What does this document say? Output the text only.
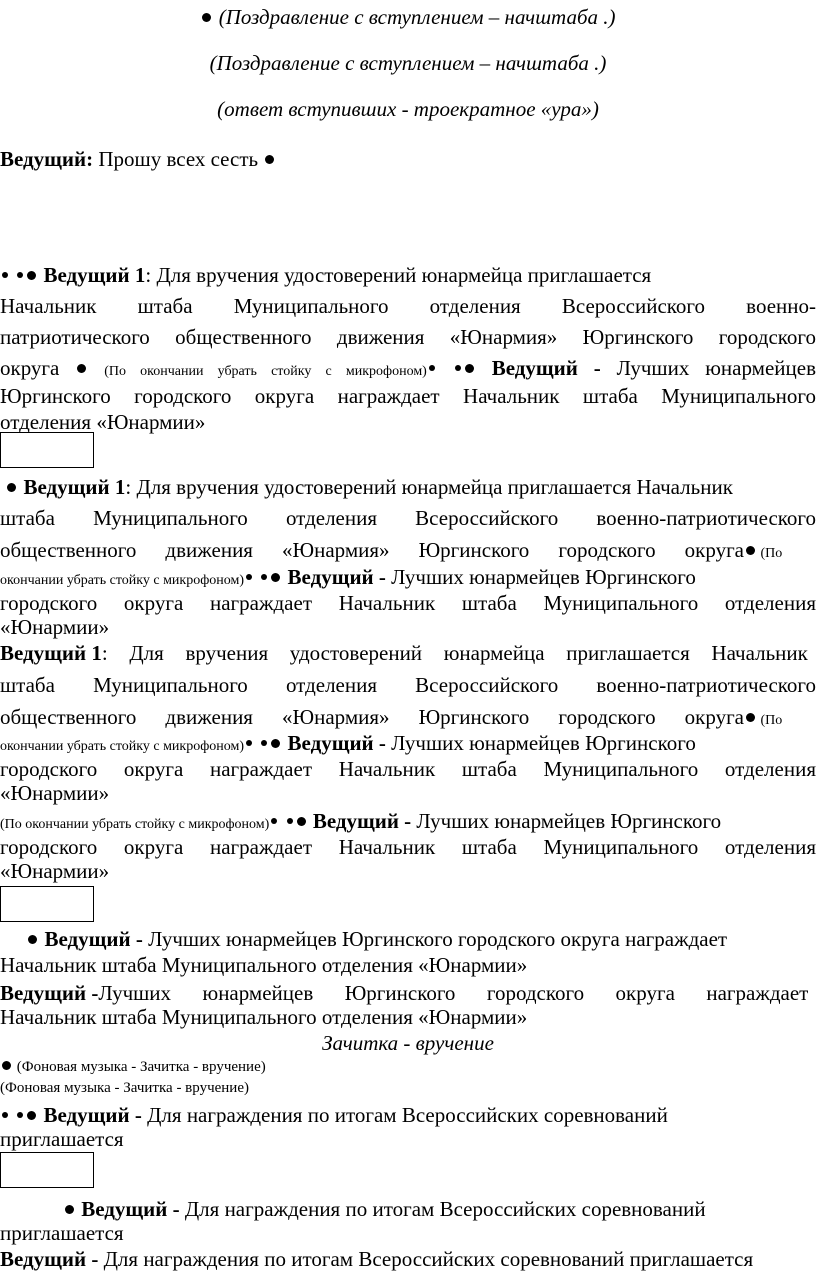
(Поздравление с вступлением – начштаба .)
(Поздравление с вступлением – начштаба .)
(ответ вступивших - троекратное «ура»)
Ведущий: Прошу всех сесть
Ведущий 1: Для вручения удостоверений юнармейца приглашается
Начальник штаба Муниципального отделения Всероссийского военно-
патриотического общественного движения «Юнармия» Юргинского городского
округа  (По окончании убрать стойку с микрофоном)	Ведущий - Лучших юнармейцев
Юргинского городского округа награждает Начальник штаба Муниципального
отделения «Юнармии»
Ведущий 1: Для вручения удостоверений юнармейца приглашается Начальник
штаба Муниципального отделения Всероссийского военно-патриотического
общественного движения «Юнармия» Юргинского городского округа (По
окончании убрать стойку с микрофоном) Ведущий - Лучших юнармейцев Юргинского
городского округа награждает Начальник штаба Муниципального отделения
«Юнармии»
Ведущий 1: Для вручения удостоверений юнармейца приглашается Начальник
штаба Муниципального отделения Всероссийского военно-патриотического
общественного движения «Юнармия» Юргинского городского округа (По
окончании убрать стойку с микрофоном) Ведущий - Лучших юнармейцев Юргинского
городского округа награждает Начальник штаба Муниципального отделения
«Юнармии»
(По окончании убрать стойку с микрофоном) Ведущий - Лучших юнармейцев Юргинского
городского округа награждает Начальник штаба Муниципального отделения
«Юнармии»
Ведущий - Лучших юнармейцев Юргинского городского округа награждает
Начальник штаба Муниципального отделения «Юнармии»
Ведущий -Лучших юнармейцев Юргинского городского округа награждает
Начальник штаба Муниципального отделения «Юнармии»
Зачитка - вручение
(Фоновая музыка - Зачитка - вручение)
(Фоновая музыка - Зачитка - вручение)
Ведущий - Для награждения по итогам Всероссийских соревнований
приглашается
Ведущий - Для награждения по итогам Всероссийских соревнований
приглашается
Ведущий - Для награждения по итогам Всероссийских соревнований приглашается
